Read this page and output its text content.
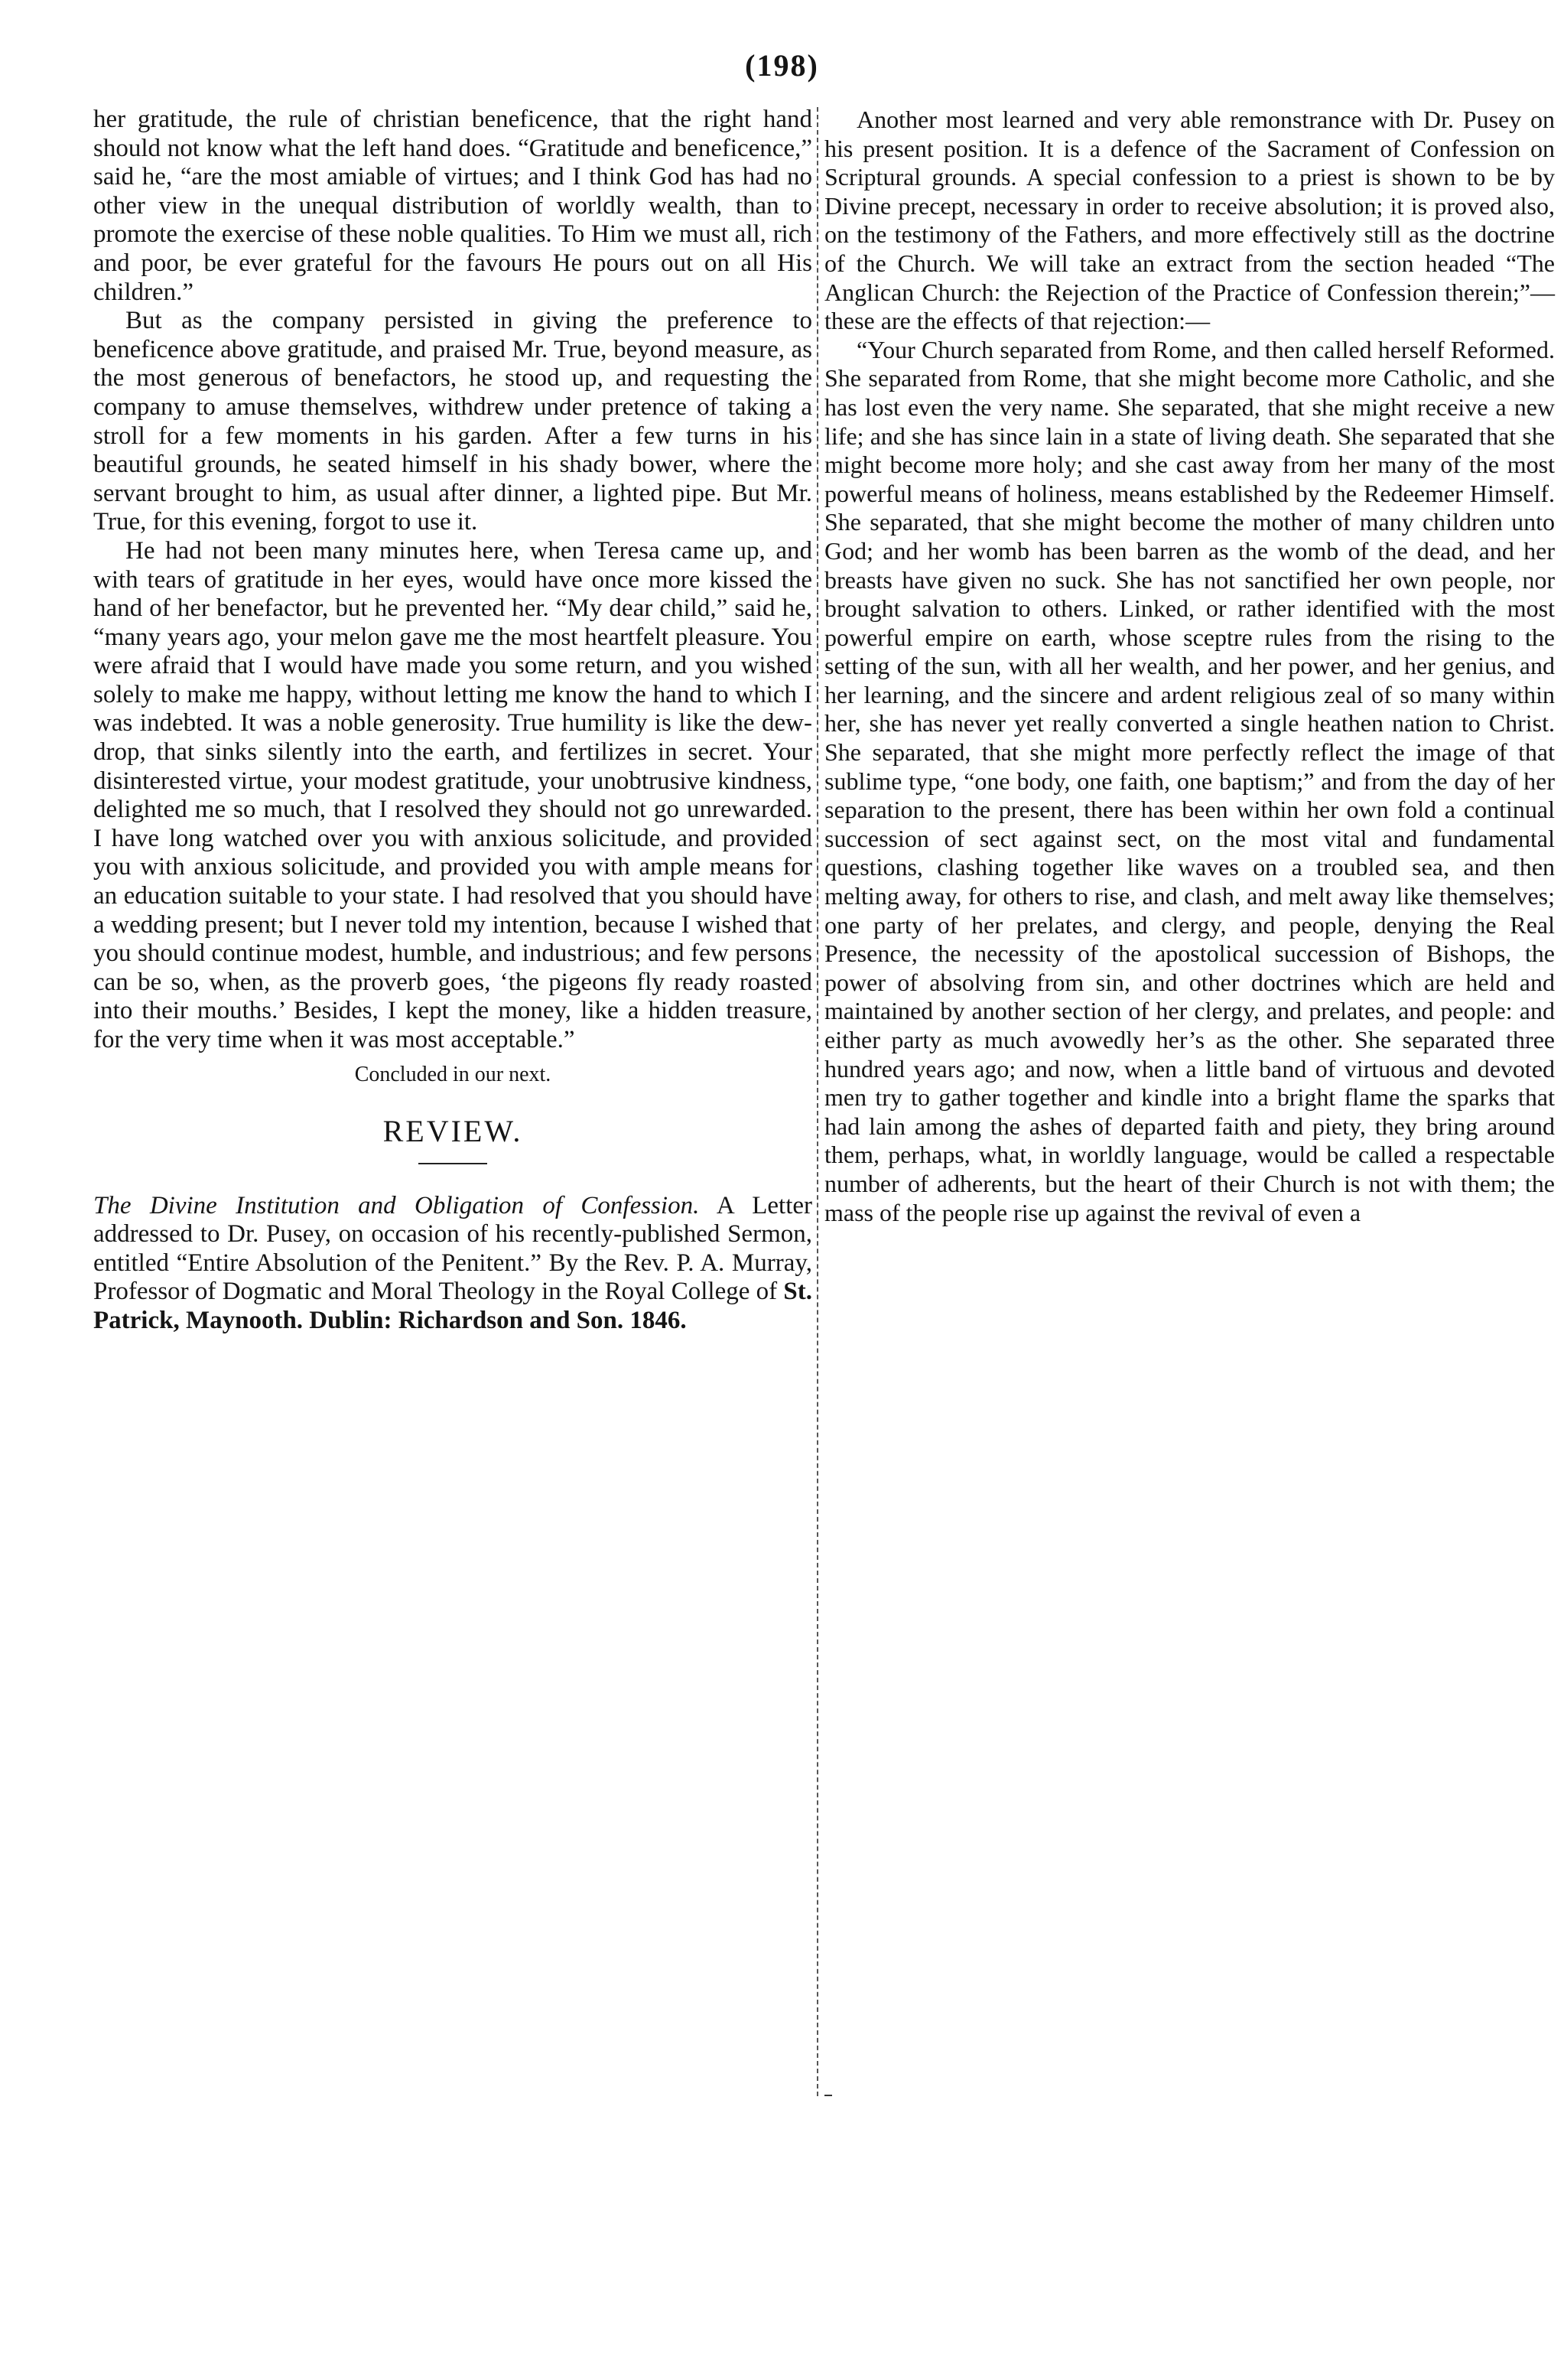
(198)

her gratitude, the rule of christian beneficence, that the right hand should not know what the left hand does. “Gratitude and beneficence,” said he, “are the most amiable of virtues; and I think God has had no other view in the unequal distribution of worldly wealth, than to promote the exercise of these noble qualities. To Him we must all, rich and poor, be ever grateful for the favours He pours out on all His children.”

But as the company persisted in giving the preference to beneficence above gratitude, and praised Mr. True, beyond measure, as the most generous of benefactors, he stood up, and requesting the company to amuse themselves, withdrew under pretence of taking a stroll for a few moments in his garden. After a few turns in his beautiful grounds, he seated himself in his shady bower, where the servant brought to him, as usual after dinner, a lighted pipe. But Mr. True, for this evening, forgot to use it.

He had not been many minutes here, when Teresa came up, and with tears of gratitude in her eyes, would have once more kissed the hand of her benefactor, but he prevented her. “My dear child,” said he, “many years ago, your melon gave me the most heartfelt pleasure. You were afraid that I would have made you some return, and you wished solely to make me happy, without letting me know the hand to which I was indebted. It was a noble generosity. True humility is like the dew-drop, that sinks silently into the earth, and fertilizes in secret. Your disinterested virtue, your modest gratitude, your unobtrusive kindness, delighted me so much, that I resolved they should not go unrewarded. I have long watched over you with anxious solicitude, and provided you with anxious solicitude, and provided you with ample means for an education suitable to your state. I had resolved that you should have a wedding present; but I never told my intention, because I wished that you should continue modest, humble, and industrious; and few persons can be so, when, as the proverb goes, ‘the pigeons fly ready roasted into their mouths.’ Besides, I kept the money, like a hidden treasure, for the very time when it was most acceptable.”

Concluded in our next.
REVIEW.

The Divine Institution and Obligation of Confession. A Letter addressed to Dr. Pusey, on occasion of his recently-published Sermon, entitled “Entire Absolution of the Penitent.” By the Rev. P. A. Murray, Professor of Dogmatic and Moral Theology in the Royal College of St. Patrick, Maynooth. Dublin: Richardson and Son. 1846.

Another most learned and very able remonstrance with Dr. Pusey on his present position. It is a defence of the Sacrament of Confession on Scriptural grounds. A special confession to a priest is shown to be by Divine precept, necessary in order to receive absolution; it is proved also, on the testimony of the Fathers, and more effectively still as the doctrine of the Church. We will take an extract from the section headed “The Anglican Church: the Rejection of the Practice of Confession therein;”—these are the effects of that rejection:—

“Your Church separated from Rome, and then called herself Reformed. She separated from Rome, that she might become more Catholic, and she has lost even the very name. She separated, that she might receive a new life; and she has since lain in a state of living death. She separated that she might become more holy; and she cast away from her many of the most powerful means of holiness, means established by the Redeemer Himself. She separated, that she might become the mother of many children unto God; and her womb has been barren as the womb of the dead, and her breasts have given no suck. She has not sanctified her own people, nor brought salvation to others. Linked, or rather identified with the most powerful empire on earth, whose sceptre rules from the rising to the setting of the sun, with all her wealth, and her power, and her genius, and her learning, and the sincere and ardent religious zeal of so many within her, she has never yet really converted a single heathen nation to Christ. She separated, that she might more perfectly reflect the image of that sublime type, “one body, one faith, one baptism;” and from the day of her separation to the present, there has been within her own fold a continual succession of sect against sect, on the most vital and fundamental questions, clashing together like waves on a troubled sea, and then melting away, for others to rise, and clash, and melt away like themselves; one party of her prelates, and clergy, and people, denying the Real Presence, the necessity of the apostolical succession of Bishops, the power of absolving from sin, and other doctrines which are held and maintained by another section of her clergy, and prelates, and people: and either party as much avowedly her’s as the other. She separated three hundred years ago; and now, when a little band of virtuous and devoted men try to gather together and kindle into a bright flame the sparks that had lain among the ashes of departed faith and piety, they bring around them, perhaps, what, in worldly language, would be called a respectable number of adherents, but the heart of their Church is not with them; the mass of the people rise up against the revival of even a
